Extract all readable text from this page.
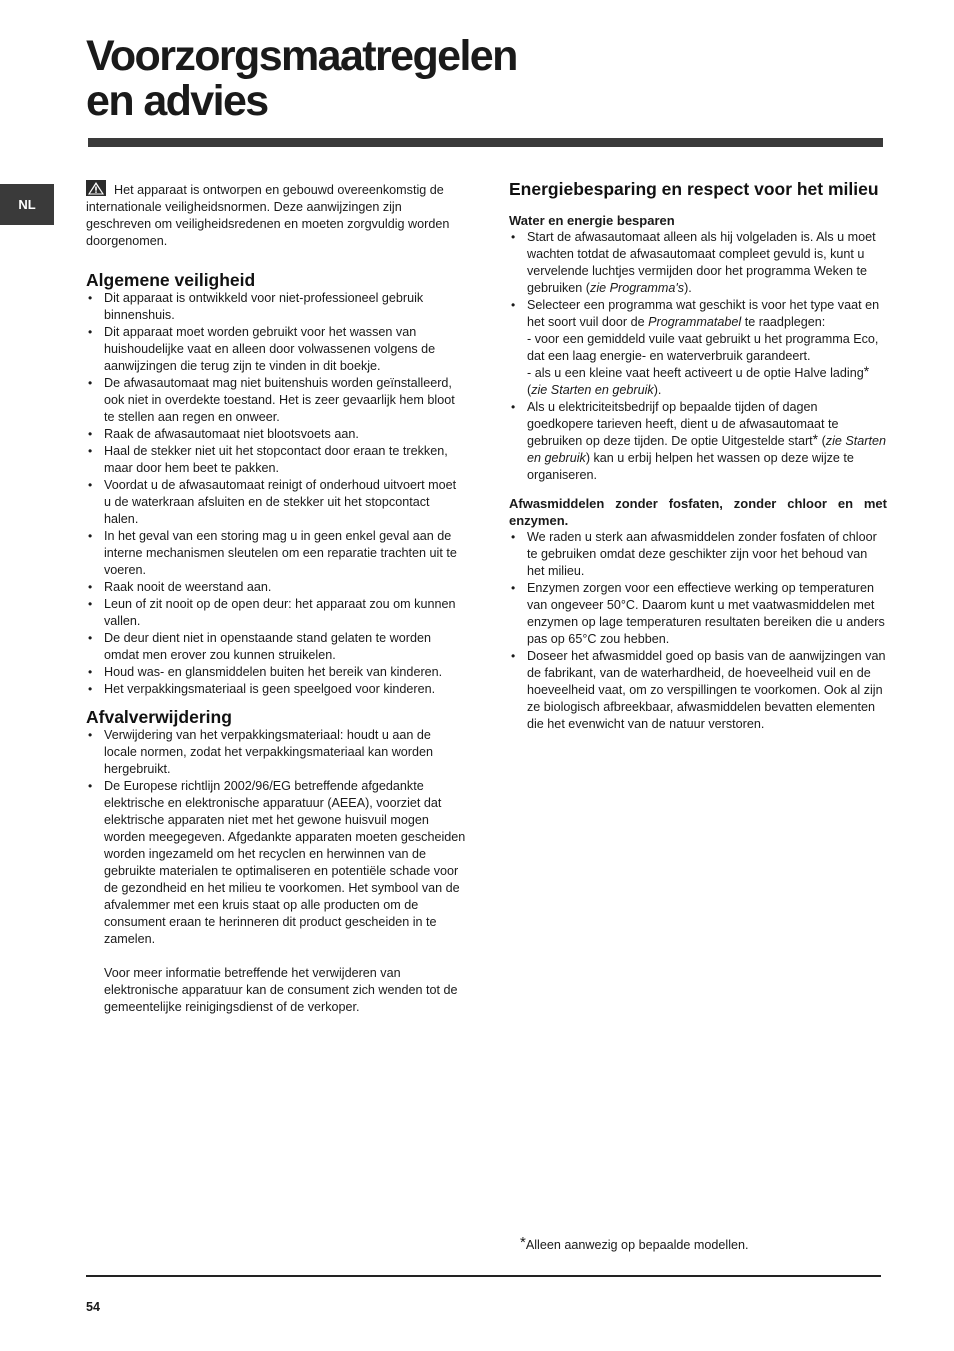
Voorzorgsmaatregelen
en advies
NL

Het apparaat is ontworpen en gebouwd overeenkomstig de internationale veiligheidsnormen. Deze aanwijzingen zijn geschreven om veiligheidsredenen en moeten zorgvuldig worden doorgenomen.

Algemene veiligheid
• Dit apparaat is ontwikkeld voor niet-professioneel gebruik binnenshuis.
• Dit apparaat moet worden gebruikt voor het wassen van huishoudelijke vaat en alleen door volwassenen volgens de aanwijzingen die terug zijn te vinden in dit boekje.
• De afwasautomaat mag niet buitenshuis worden geïnstalleerd, ook niet in overdekte toestand. Het is zeer gevaarlijk hem bloot te stellen aan regen en onweer.
• Raak de afwasautomaat niet blootsvoets aan.
• Haal de stekker niet uit het stopcontact door eraan te trekken, maar door hem beet te pakken.
• Voordat u de afwasautomaat reinigt of onderhoud uitvoert moet u de waterkraan afsluiten en de stekker uit het stopcontact halen.
• In het geval van een storing mag u in geen enkel geval aan de interne mechanismen sleutelen om een reparatie trachten uit te voeren.
• Raak nooit de weerstand aan.
• Leun of zit nooit op de open deur: het apparaat zou om kunnen vallen.
• De deur dient niet in openstaande stand gelaten te worden omdat men erover zou kunnen struikelen.
• Houd was- en glansmiddelen buiten het bereik van kinderen.
• Het verpakkingsmateriaal is geen speelgoed voor kinderen.
Afvalverwijdering
• Verwijdering van het verpakkingsmateriaal: houdt u aan de locale normen, zodat het verpakkingsmateriaal kan worden hergebruikt.
• De Europese richtlijn 2002/96/EG betreffende afgedankte elektrische en elektronische apparatuur (AEEA), voorziet dat elektrische apparaten niet met het gewone huisvuil mogen worden meegegeven. Afgedankte apparaten moeten gescheiden worden ingezameld om het recyclen en herwinnen van de gebruikte materialen te optimaliseren en potentiële schade voor de gezondheid en het milieu te voorkomen. Het symbool van de afvalemmer met een kruis staat op alle producten om de consument eraan te herinneren dit product gescheiden in te zamelen.
Voor meer informatie betreffende het verwijderen van elektronische apparatuur kan de consument zich wenden tot de gemeentelijke reinigingsdienst of de verkoper.
Energiebesparing en respect voor het milieu
Water en energie besparen
• Start de afwasautomaat alleen als hij volgeladen is. Als u moet wachten totdat de afwasautomaat compleet gevuld is, kunt u vervelende luchtjes vermijden door het programma Weken te gebruiken (zie Programma's).
• Selecteer een programma wat geschikt is voor het type vaat en het soort vuil door de Programmatabel te raadplegen:
- voor een gemiddeld vuile vaat gebruikt u het programma Eco, dat een laag energie- en waterverbruik garandeert.
- als u een kleine vaat heeft activeert u de optie Halve lading* (zie Starten en gebruik).
• Als u elektriciteitsbedrijf op bepaalde tijden of dagen goedkopere tarieven heeft, dient u de afwasautomaat te gebruiken op deze tijden. De optie Uitgestelde start* (zie Starten en gebruik) kan u erbij helpen het wassen op deze wijze te organiseren.
Afwasmiddelen zonder fosfaten, zonder chloor en met enzymen.
• We raden u sterk aan afwasmiddelen zonder fosfaten of chloor te gebruiken omdat deze geschikter zijn voor het behoud van het milieu.
• Enzymen zorgen voor een effectieve werking op temperaturen van ongeveer 50°C. Daarom kunt u met vaatwasmiddelen met enzymen op lage temperaturen resultaten bereiken die u anders pas op 65°C zou hebben.
• Doseer het afwasmiddel goed op basis van de aanwijzingen van de fabrikant, van de waterhardheid, de hoeveelheid vuil en de hoeveelheid vaat, om zo verspillingen te voorkomen. Ook al zijn ze biologisch afbreekbaar, afwasmiddelen bevatten elementen die het evenwicht van de natuur verstoren.
*Alleen aanwezig op bepaalde modellen.
54
